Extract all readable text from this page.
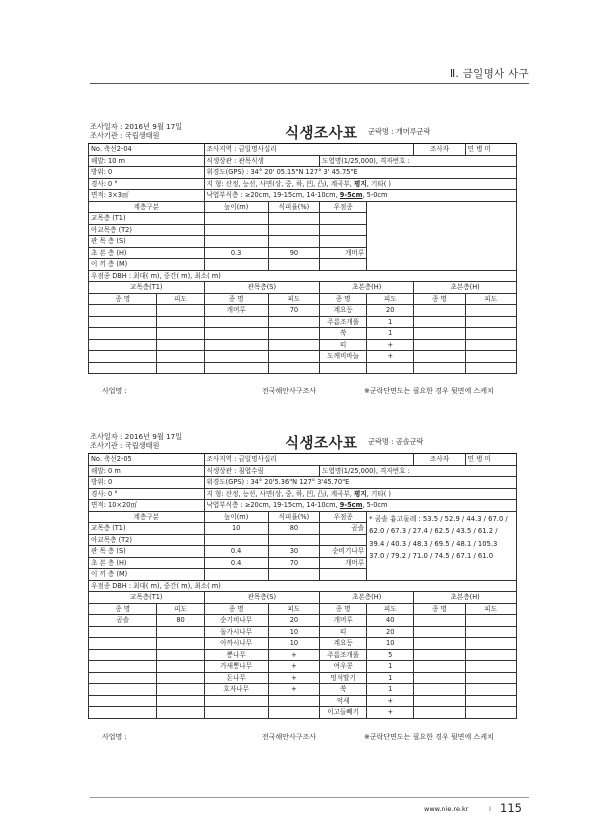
Ⅱ. 금일명사 사구
조사일자 : 2016년 9월 17일
조사기관 : 국립생태원	식생조사표 군락명 : 개머루군락
No. 축선2-04		조사지역 : 금일명사십리				조사자	민 병 미
해발: 10 m		식생상관 : 관목식생		도엽명(1/25,000), 격자번호 :			
방위: 0		위경도(GPS) : 34° 20' 05.15"N 127° 3' 45.75"E					
경사: 0 °		지 형: 산정, 능선, 사면(상, 중, 하, 凹, 凸), 계곡부, 평지, 기타( )					
면적: 3×3㎡		낙엽부식층 : ≥20cm, 19-15cm, 14-10cm, 9-5cm, 5-0cm					
계층구분		높이(m)	식피율(%)	우점종			
교목층 (T1)							
아교목층 (T2)							
관 목 층 (S)							
초 본 층 (H)		0.3	90	개머루			
이 끼 층 (M)							
우점종 DBH : 최대( m), 중간( m), 최소( m)							
교목층(T1)		관목층(S)		초본층(H)		초본층(H)	
종 명	피도	종 명	피도	종 명	피도	종 명	피도
		개머루	70	계요등	20		
				주름조개풀	1		
				쑥	1		
				띠	+		
				도깨비바늘	+		

사업명 :	전국해안사구조사	※군락단면도는 필요한 경우 뒷면에 스케치
조사일자 : 2016년 9월 17일
조사기관 : 국립생태원	식생조사표 군락명 : 곰솔군락
No. 축선2-05		조사지역 : 금일명사십리				조사자	민 병 미
해발: 0 m		식생상관 : 침엽수림		도엽명(1/25,000), 격자번호 :			
방위: 0		위경도(GPS) : 34° 20'5.36"N 127° 3'45.70"E					
경사: 0 °		지 형: 산정, 능선, 사면(상, 중, 하, 凹, 凸), 계곡부, 평지, 기타( )					
면적: 10×20㎡		낙엽부식층 : ≥20cm, 19-15cm, 14-10cm, 9-5cm, 5-0cm					
계층구분		높이(m)	식피율(%)	우점종	* 곰솔 흉고둘레 : 53.5 / 52.9 / 44.3 / 67.0 / 62.0 / 67.3 / 27.4 / 62.5 / 43.5 / 61.2 / 39.4 / 40.3 / 48.3 / 69.5 / 48.1 / 105.3 37.0 / 79.2 / 71.0 / 74.5 / 67.1 / 61.0		
교목층 (T1)		10	80	곰솔			
아교목층 (T2)							
관 목 층 (S)		0.4	30	순비기나무			
초 본 층 (H)		0.4	70	개머루			
이 끼 층 (M)							
우점종 DBH : 최대( m), 중간( m), 최소( m)							
교목층(T1)		관목층(S)		초본층(H)		초본층(H)	
종 명	피도	종 명	피도	종 명	피도	종 명	피도
곰솔	80	순기비나무	20	개머루	40		
		돌가시나무	10	띠	20		
		아까시나무	10	계요등	10		
		뽕나무	+	주름조개풀	5		
		가새뽕나무	+	여우콩	1		
		돈나무	+	멍석딸기	1		
		호자나무	+	쑥	1		
				억새	+		
				이고들빼기	+		
사업명 :	전국해안사구조사	※군락단면도는 필요한 경우 뒷면에 스케치
www.nie.re.kr	I 115
